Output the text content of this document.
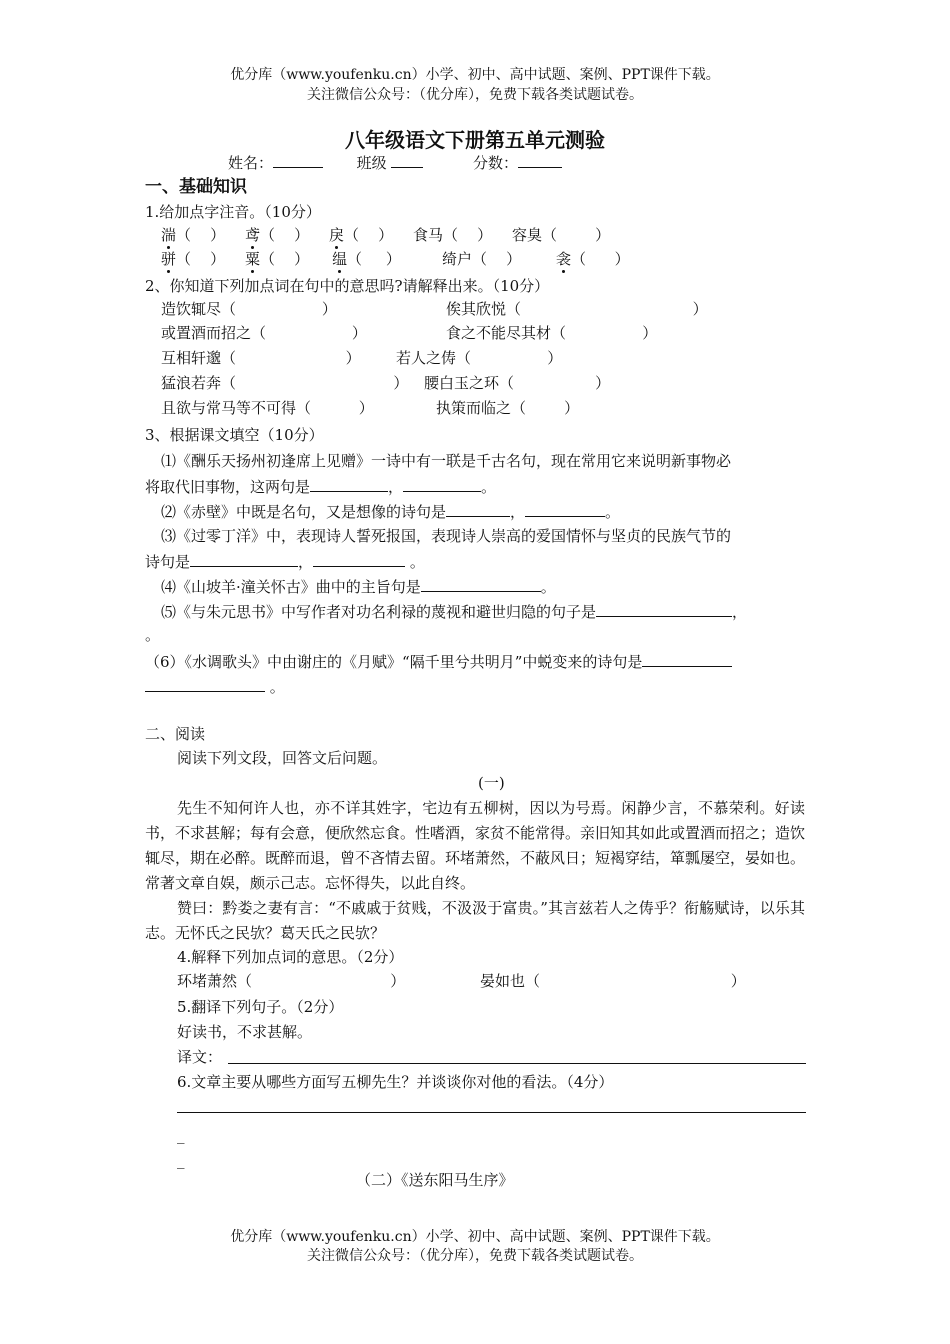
优分库（www.youfenku.cn）小学、初中、高中试题、案例、PPT课件下载。
关注微信公众号：（优分库），免费下载各类试题试卷。
八年级语文下册第五单元测验
姓名：	班级	分数：
一、基础知识
1.给加点字注音。（10分）
湍（    ） 鸢（    ） 戾（    ） 食马（    ） 容臭（        ）
骈（    ） 粟（    ） 缊（     ）	绮户（    ） 衾（      ）
2、你知道下列加点词在句中的意思吗?请解释出来。（10分）
造饮辄尽（                  ）	俟其欣悦（                                    ）
或置酒而招之（                  ）	食之不能尽其材（                ）
互相轩邈（                       ） 若人之俦（                ）
猛浪若奔（                                 ） 腰白玉之环（                 ）
且欲与常马等不可得（          ）	执策而临之（        ）
3、根据课文填空（10分）
⑴《酬乐天扬州初逢席上见赠》一诗中有一联是千古名句，现在常用它来说明新事物必
将取代旧事物，这两句是	，	。
⑵《赤壁》中既是名句，又是想像的诗句是	，	。
⑶《过零丁洋》中，表现诗人誓死报国，表现诗人崇高的爱国情怀与坚贞的民族气节的
诗句是	，	。
⑷《山坡羊·潼关怀古》曲中的主旨句是	。
⑸《与朱元思书》中写作者对功名利禄的蔑视和避世归隐的句子是	，
。
（6）《水调歌头》中由谢庄的《月赋》“隔千里兮共明月”中蜕变来的诗句是
。
二、阅读
阅读下列文段，回答文后问题。
(一)
先生不知何许人也，亦不详其姓字，宅边有五柳树，因以为号焉。闲静少言，不慕荣利。好读书，不求甚解；每有会意，便欣然忘食。性嗜酒，家贫不能常得。亲旧知其如此或置酒而招之；造饮辄尽，期在必醉。既醉而退，曾不吝情去留。环堵萧然，不蔽风日；短褐穿结，箪瓢屡空，晏如也。常著文章自娱，颇示己志。忘怀得失，以此自终。
赞曰：黔娄之妻有言：“不戚戚于贫贱，不汲汲于富贵。”其言兹若人之俦乎？衔觞赋诗，以乐其志。无怀氏之民欤？葛天氏之民欤？
4.解释下列加点词的意思。（2分）
环堵萧然（                             ）	晏如也（                                        ）
5.翻译下列句子。（2分）
好读书，不求甚解。
译文：
6.文章主要从哪些方面写五柳先生？并谈谈你对他的看法。（4分）
_
_
（二）《送东阳马生序》
优分库（www.youfenku.cn）小学、初中、高中试题、案例、PPT课件下载。
关注微信公众号：（优分库），免费下载各类试题试卷。
